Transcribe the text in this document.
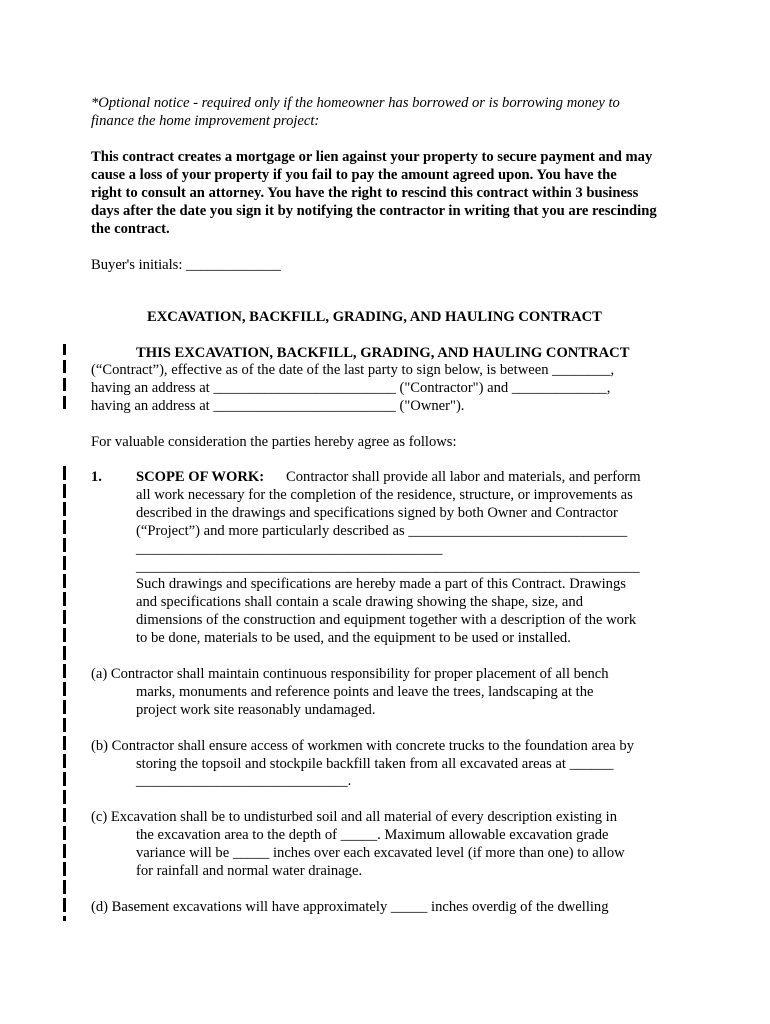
*Optional notice - required only if the homeowner has borrowed or is borrowing money to
finance the home improvement project:
This contract creates a mortgage or lien against your property to secure payment and may
cause a loss of your property if you fail to pay the amount agreed upon. You have the
right to consult an attorney. You have the right to rescind this contract within 3 business
days after the date you sign it by notifying the contractor in writing that you are rescinding
the contract.
Buyer's initials: _____________
EXCAVATION, BACKFILL, GRADING, AND HAULING CONTRACT
THIS EXCAVATION, BACKFILL, GRADING, AND HAULING CONTRACT
(“Contract”), effective as of the date of the last party to sign below, is between ________,
having an address at _________________________ ("Contractor") and _____________,
having an address at _________________________ ("Owner").
For valuable consideration the parties hereby agree as follows:
1. SCOPE OF WORK: Contractor shall provide all labor and materials, and perform
all work necessary for the completion of the residence, structure, or improvements as
described in the drawings and specifications signed by both Owner and Contractor
(“Project”) and more particularly described as ______________________________
__________________________________________
_____________________________________________________________________
Such drawings and specifications are hereby made a part of this Contract. Drawings
and specifications shall contain a scale drawing showing the shape, size, and
dimensions of the construction and equipment together with a description of the work
to be done, materials to be used, and the equipment to be used or installed.
(a) Contractor shall maintain continuous responsibility for proper placement of all bench
marks, monuments and reference points and leave the trees, landscaping at the
project work site reasonably undamaged.
(b) Contractor shall ensure access of workmen with concrete trucks to the foundation area by
storing the topsoil and stockpile backfill taken from all excavated areas at ______
_____________________________.
(c) Excavation shall be to undisturbed soil and all material of every description existing in
the excavation area to the depth of _____. Maximum allowable excavation grade
variance will be _____ inches over each excavated level (if more than one) to allow
for rainfall and normal water drainage.
(d) Basement excavations will have approximately _____ inches overdig of the dwelling
